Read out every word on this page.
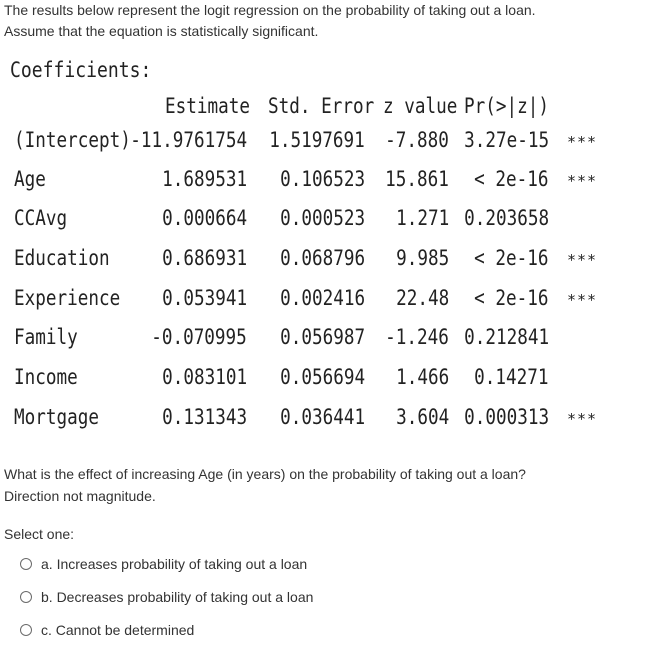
The results below represent the logit regression on the probability of taking out a loan.

Assume that the equation is statistically significant.

Coefficients:
Estimate Std. Error z value Pr(>|z|)
(Intercept) -11.9761754 1.5197691 -7.880 3.27e-15 ***
Age	1.689531 0.106523 15.861 < 2e-16 ***
CCAvg	0.000664 0.000523 1.271 0.203658
Education 0.686931 0.068796 9.985 < 2e-16 ***
Experience 0.053941 0.002416 22.48 < 2e-16 ***
Family	-0.070995 0.056987 -1.246 0.212841
Income	0.083101 0.056694 1.466 0.14271
Mortgage	0.131343 0.036441 3.604 0.000313 ***

What is the effect of increasing Age (in years) on the probability of taking out a loan?

Direction not magnitude.

Select one:
a. Increases probability of taking out a loan
b. Decreases probability of taking out a loan
c. Cannot be determined
